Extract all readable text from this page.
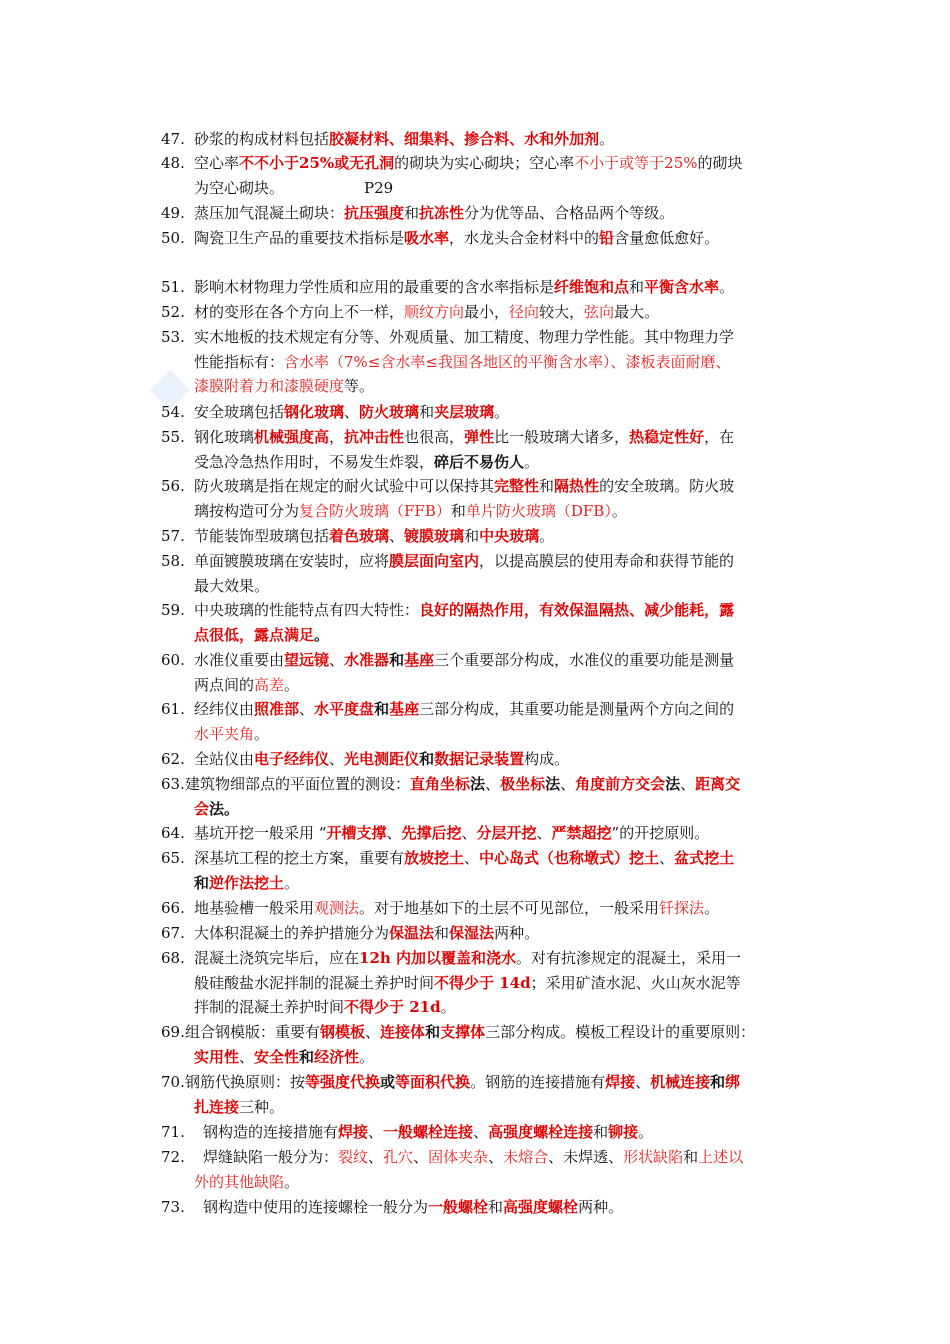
47. 砂浆的构成材料包括胶凝材料、细集料、掺合料、水和外加剂。
48. 空心率不不小于25%或无孔洞的砌块为实心砌块；空心率不小于或等于25%的砌块
为空心砌块。	P29
49. 蒸压加气混凝土砌块：抗压强度和抗冻性分为优等品、合格品两个等级。
50. 陶瓷卫生产品的重要技术指标是吸水率，水龙头合金材料中的铅含量愈低愈好。
51. 影响木材物理力学性质和应用的最重要的含水率指标是纤维饱和点和平衡含水率。
52. 材的变形在各个方向上不一样，顺纹方向最小，径向较大，弦向最大。
53. 实木地板的技术规定有分等、外观质量、加工精度、物理力学性能。其中物理力学
性能指标有：含水率（7%≤含水率≤我国各地区的平衡含水率）、漆板表面耐磨、
漆膜附着力和漆膜硬度等。
54. 安全玻璃包括钢化玻璃、防火玻璃和夹层玻璃。
55. 钢化玻璃机械强度高，抗冲击性也很高，弹性比一般玻璃大诸多，热稳定性好，在
受急冷急热作用时，不易发生炸裂，碎后不易伤人。
56. 防火玻璃是指在规定的耐火试验中可以保持其完整性和隔热性的安全玻璃。防火玻
璃按构造可分为复合防火玻璃（FFB）和单片防火玻璃（DFB）。
57. 节能装饰型玻璃包括着色玻璃、镀膜玻璃和中央玻璃。
58. 单面镀膜玻璃在安装时，应将膜层面向室内，以提高膜层的使用寿命和获得节能的
最大效果。
59. 中央玻璃的性能特点有四大特性：良好的隔热作用，有效保温隔热、减少能耗，露
点很低，露点满足。
60. 水准仪重要由望远镜、水准器和基座三个重要部分构成，水准仪的重要功能是测量
两点间的高差。
61. 经纬仪由照准部、水平度盘和基座三部分构成，其重要功能是测量两个方向之间的
水平夹角。
62. 全站仪由电子经纬仪、光电测距仪和数据记录装置构成。
63.建筑物细部点的平面位置的测设：直角坐标法、极坐标法、角度前方交会法、距离交
会法。
64. 基坑开挖一般采用 “开槽支撑、先撑后挖、分层开挖、严禁超挖”的开挖原则。
65. 深基坑工程的挖土方案，重要有放坡挖土、中心岛式（也称墩式）挖土、盆式挖土
和逆作法挖土。
66. 地基验槽一般采用观测法。对于地基如下的土层不可见部位，一般采用钎探法。
67. 大体积混凝土的养护措施分为保温法和保湿法两种。
68. 混凝土浇筑完毕后，应在12h 内加以覆盖和浇水。对有抗渗规定的混凝土，采用一
般硅酸盐水泥拌制的混凝土养护时间不得少于 14d；采用矿渣水泥、火山灰水泥等
拌制的混凝土养护时间不得少于 21d。
69.组合钢模版：重要有钢模板、连接体和支撑体三部分构成。模板工程设计的重要原则：
实用性、安全性和经济性。
70.钢筋代换原则：按等强度代换或等面积代换。钢筋的连接措施有焊接、机械连接和绑
扎连接三种。
71. 钢构造的连接措施有焊接、一般螺栓连接、高强度螺栓连接和铆接。
72. 焊缝缺陷一般分为：裂纹、孔穴、固体夹杂、未熔合、未焊透、形状缺陷和上述以
外的其他缺陷。
73. 钢构造中使用的连接螺栓一般分为一般螺栓和高强度螺栓两种。
